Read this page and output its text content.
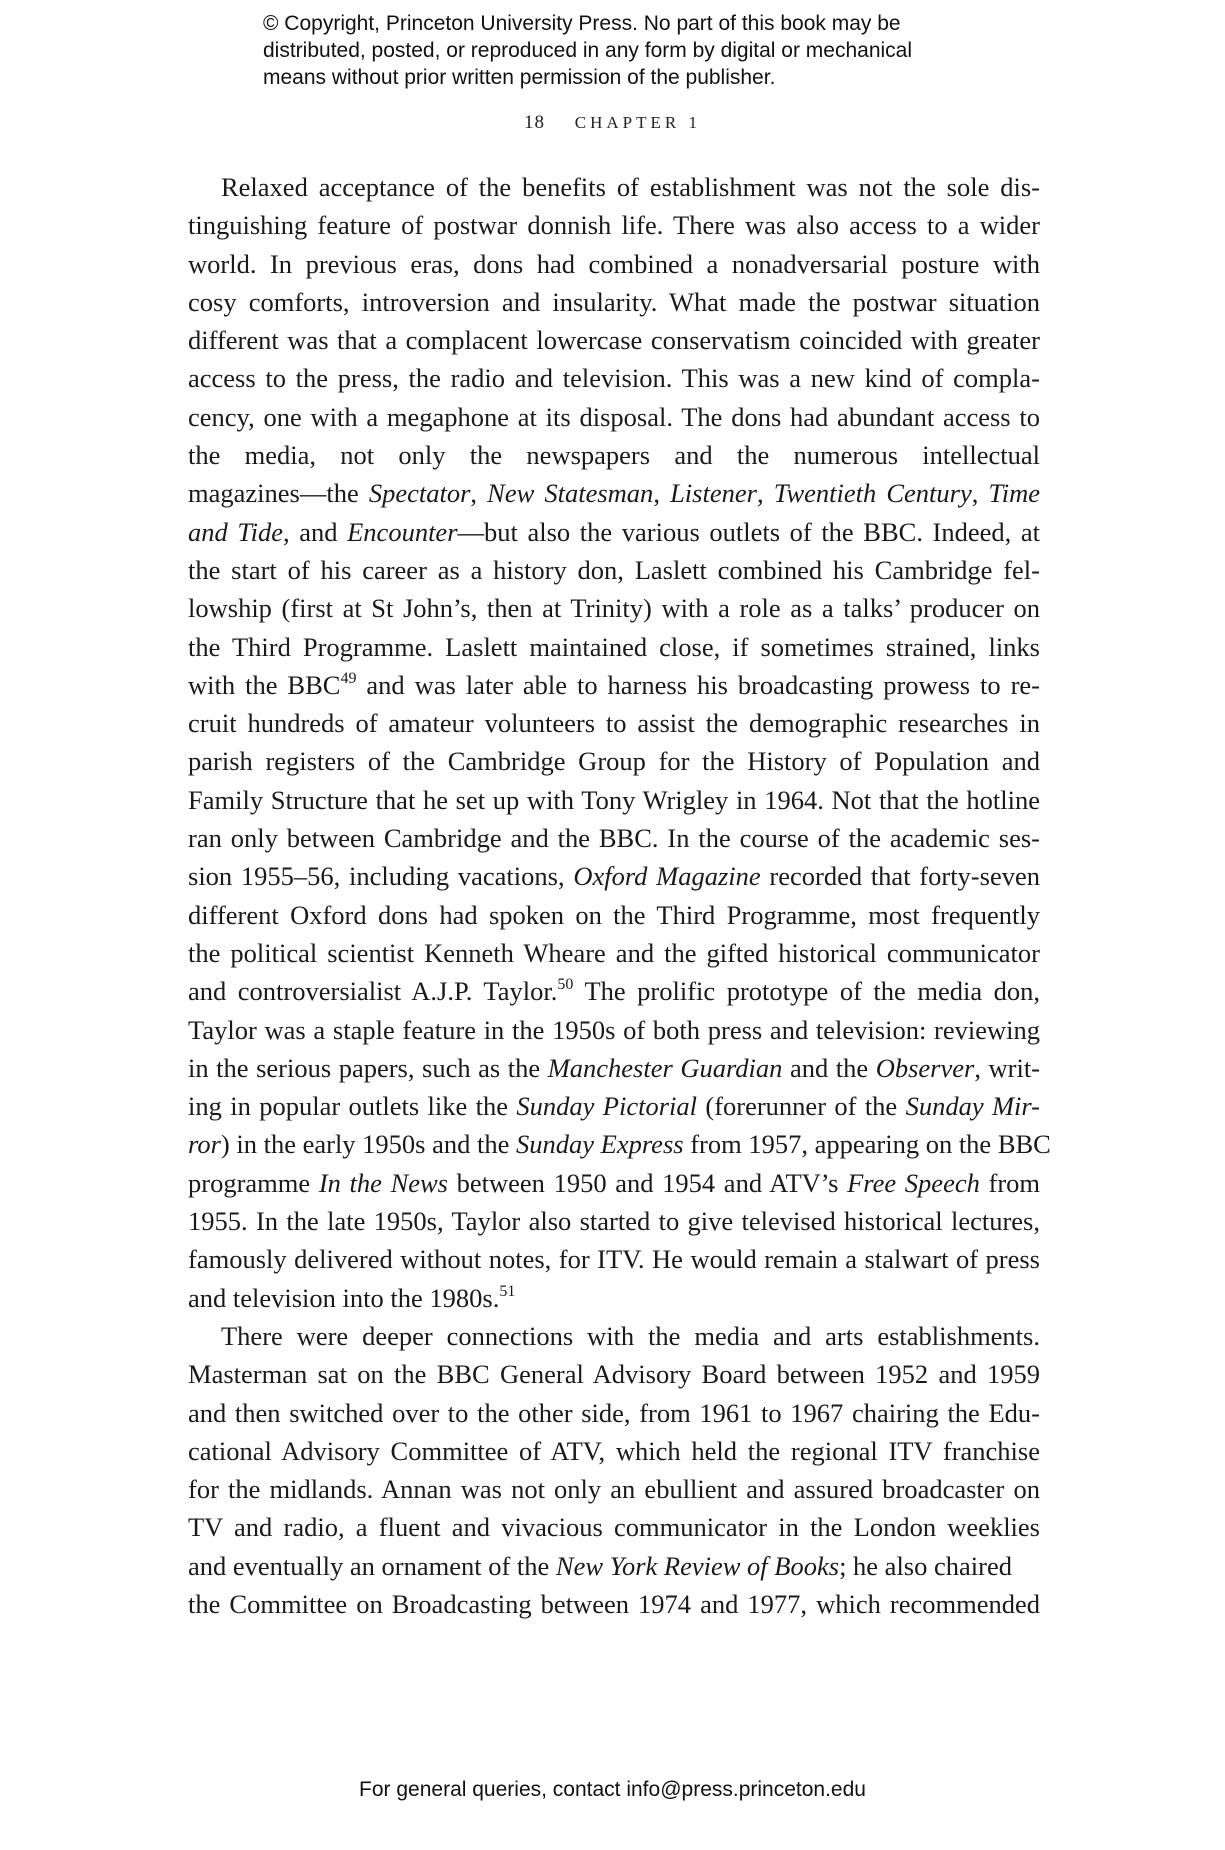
© Copyright, Princeton University Press. No part of this book may be
distributed, posted, or reproduced in any form by digital or mechanical
means without prior written permission of the publisher.
18 CHAPTER 1
Relaxed acceptance of the benefits of establishment was not the sole dis-
tinguishing feature of postwar donnish life. There was also access to a wider
world. In previous eras, dons had combined a nonadversarial posture with
cosy comforts, introversion and insularity. What made the postwar situation
different was that a complacent lowercase conservatism coincided with greater
access to the press, the radio and television. This was a new kind of compla-
cency, one with a megaphone at its disposal. The dons had abundant access to
the media, not only the newspapers and the numerous intellectual
magazines—the Spectator, New Statesman, Listener, Twentieth Century, Time
and Tide, and Encounter—but also the various outlets of the BBC. Indeed, at
the start of his career as a history don, Laslett combined his Cambridge fel-
lowship (first at St John’s, then at Trinity) with a role as a talks’ producer on
the Third Programme. Laslett maintained close, if sometimes strained, links
with the BBC$^{49}$ and was later able to harness his broadcasting prowess to re-
cruit hundreds of amateur volunteers to assist the demographic researches in
parish registers of the Cambridge Group for the History of Population and
Family Structure that he set up with Tony Wrigley in 1964. Not that the hotline
ran only between Cambridge and the BBC. In the course of the academic ses-
sion 1955–56, including vacations, Oxford Magazine recorded that forty-seven
different Oxford dons had spoken on the Third Programme, most frequently
the political scientist Kenneth Wheare and the gifted historical communicator
and controversialist A.J.P. Taylor.$^{50}$ The prolific prototype of the media don,
Taylor was a staple feature in the 1950s of both press and television: reviewing
in the serious papers, such as the Manchester Guardian and the Observer, writ-
ing in popular outlets like the Sunday Pictorial (forerunner of the Sunday Mir-
ror) in the early 1950s and the Sunday Express from 1957, appearing on the BBC
programme In the News between 1950 and 1954 and ATV’s Free Speech from
1955. In the late 1950s, Taylor also started to give televised historical lectures,
famously delivered without notes, for ITV. He would remain a stalwart of press
and television into the 1980s.$^{51}$
There were deeper connections with the media and arts establishments.
Masterman sat on the BBC General Advisory Board between 1952 and 1959
and then switched over to the other side, from 1961 to 1967 chairing the Edu-
cational Advisory Committee of ATV, which held the regional ITV franchise
for the midlands. Annan was not only an ebullient and assured broadcaster on
TV and radio, a fluent and vivacious communicator in the London weeklies
and eventually an ornament of the New York Review of Books; he also chaired
the Committee on Broadcasting between 1974 and 1977, which recommended
For general queries, contact info@press.princeton.edu
